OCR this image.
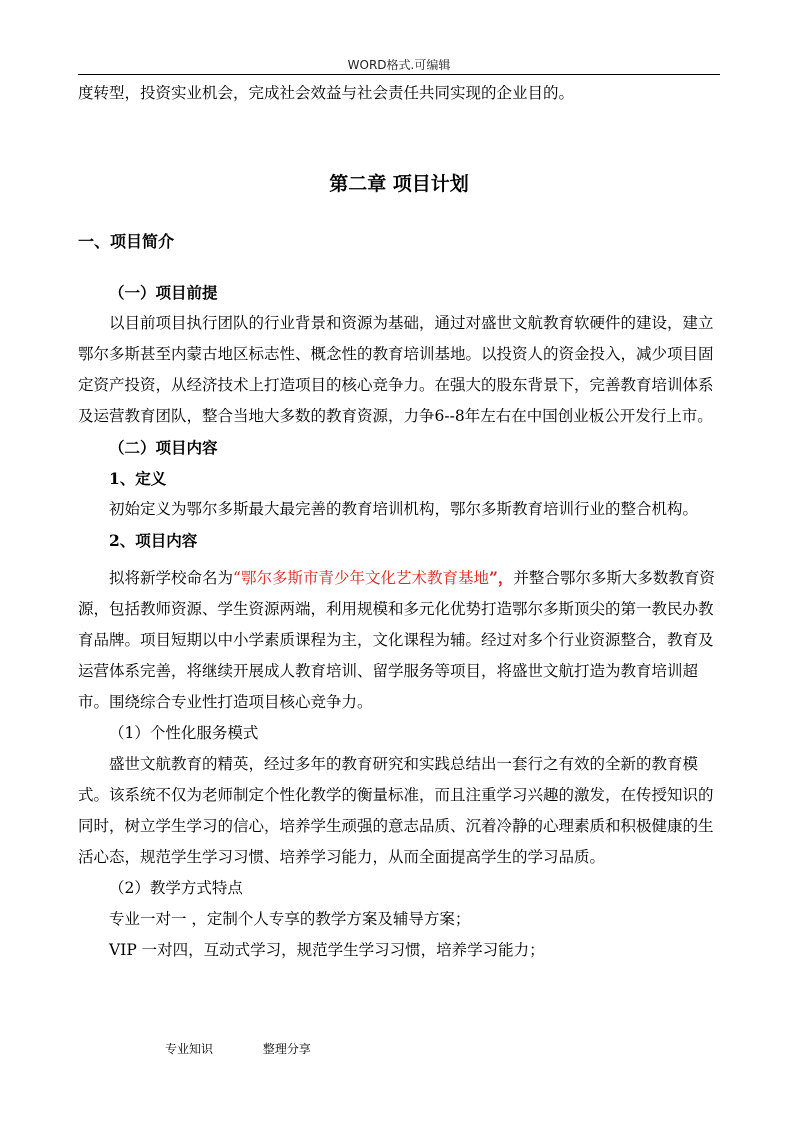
WORD格式.可编辑

度转型，投资实业机会，完成社会效益与社会责任共同实现的企业目的。

第二章 项目计划

一、项目简介

（一）项目前提

以目前项目执行团队的行业背景和资源为基础，通过对盛世文航教育软硬件的建设，建立鄂尔多斯甚至内蒙古地区标志性、概念性的教育培训基地。以投资人的资金投入，减少项目固定资产投资，从经济技术上打造项目的核心竞争力。在强大的股东背景下，完善教育培训体系及运营教育团队，整合当地大多数的教育资源，力争6--8年左右在中国创业板公开发行上市。

（二）项目内容

1、定义

初始定义为鄂尔多斯最大最完善的教育培训机构，鄂尔多斯教育培训行业的整合机构。

2、项目内容

拟将新学校命名为“鄂尔多斯市青少年文化艺术教育基地”，并整合鄂尔多斯大多数教育资源，包括教师资源、学生资源两端，利用规模和多元化优势打造鄂尔多斯顶尖的第一教民办教育品牌。项目短期以中小学素质课程为主，文化课程为辅。经过对多个行业资源整合，教育及运营体系完善，将继续开展成人教育培训、留学服务等项目，将盛世文航打造为教育培训超市。围绕综合专业性打造项目核心竞争力。

（1）个性化服务模式

盛世文航教育的精英，经过多年的教育研究和实践总结出一套行之有效的全新的教育模式。该系统不仅为老师制定个性化教学的衡量标准，而且注重学习兴趣的激发，在传授知识的同时，树立学生学习的信心，培养学生顽强的意志品质、沉着冷静的心理素质和积极健康的生活心态，规范学生学习习惯、培养学习能力，从而全面提高学生的学习品质。

（2）教学方式特点

专业一对一 ，定制个人专享的教学方案及辅导方案；

VIP 一对四，互动式学习，规范学生学习习惯，培养学习能力；

专业知识	整理分享
